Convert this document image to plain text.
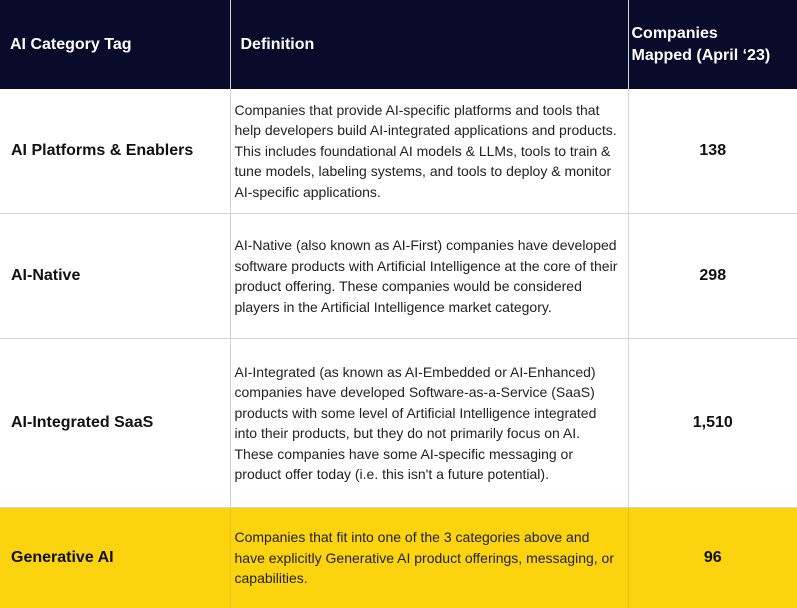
AI Category Tag	Definition	Companies
Mapped (April ‘23)

AI Platforms & Enablers	Companies that provide AI-specific platforms and tools that help developers build AI-integrated applications and products. This includes foundational AI models & LLMs, tools to train & tune models, labeling systems, and tools to deploy & monitor AI-specific applications.	138
AI-Native	AI-Native (also known as AI-First) companies have developed software products with Artificial Intelligence at the core of their product offering. These companies would be considered players in the Artificial Intelligence market category.	298
AI-Integrated SaaS	AI-Integrated (as known as AI-Embedded or AI-Enhanced) companies have developed Software-as-a-Service (SaaS) products with some level of Artificial Intelligence integrated into their products, but they do not primarily focus on AI. These companies have some AI-specific messaging or product offer today (i.e. this isn't a future potential).	1,510
Generative AI	Companies that fit into one of the 3 categories above and have explicitly Generative AI product offerings, messaging, or capabilities.	96
